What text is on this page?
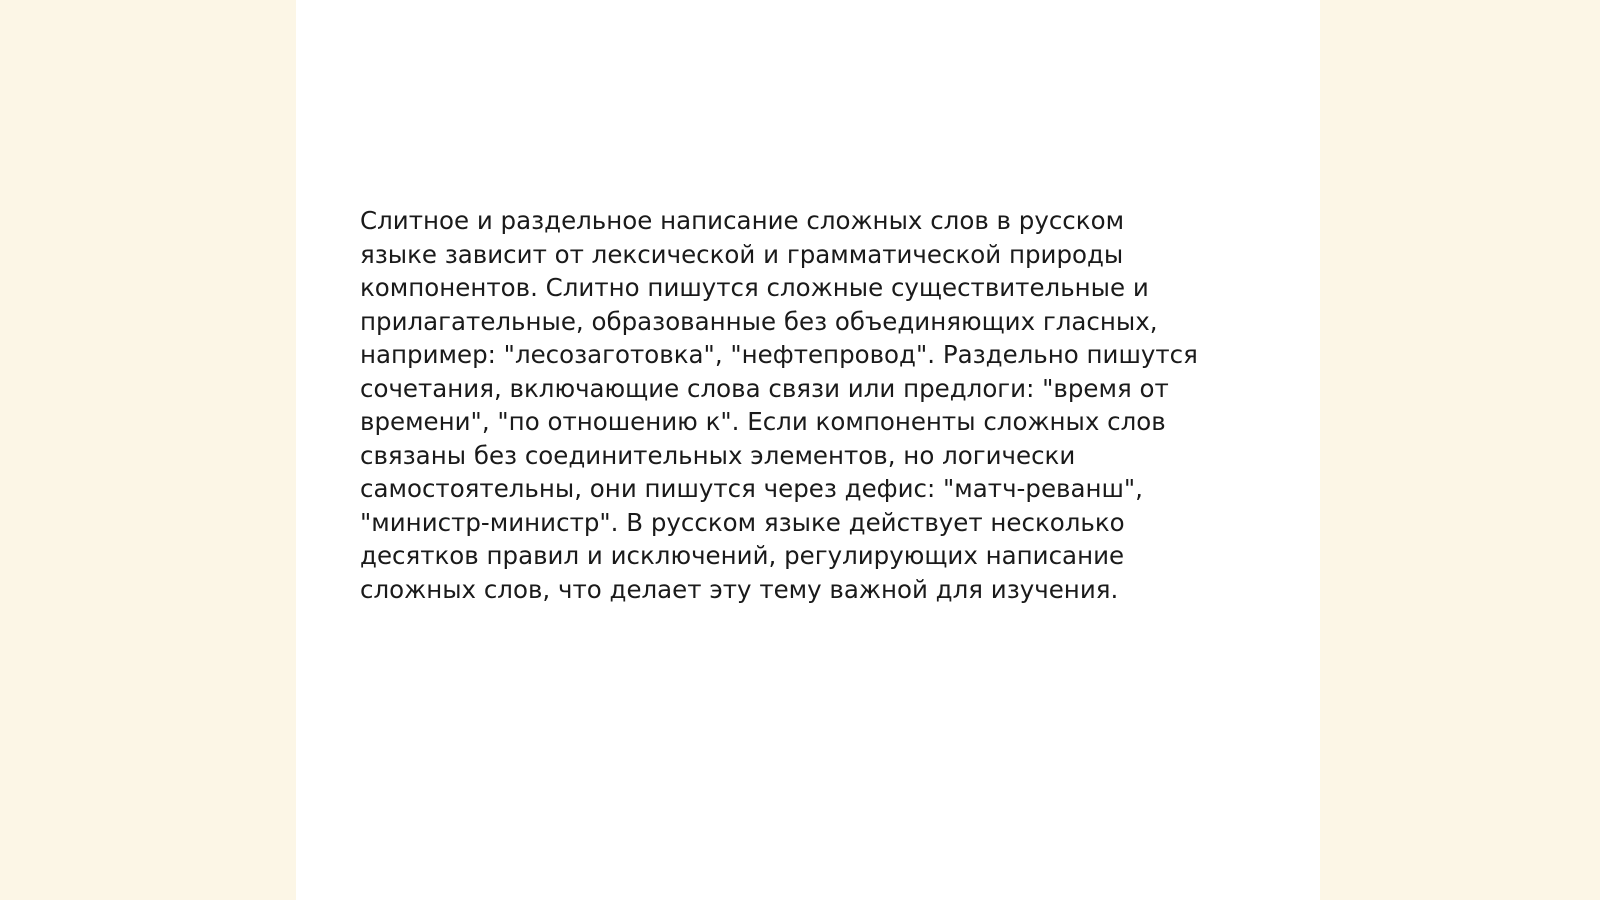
Слитное и раздельное написание сложных слов в русском
языке зависит от лексической и грамматической природы
компонентов. Слитно пишутся сложные существительные и
прилагательные, образованные без объединяющих гласных,
например: "лесозаготовка", "нефтепровод". Раздельно пишутся
сочетания, включающие слова связи или предлоги: "время от
времени", "по отношению к". Если компоненты сложных слов
связаны без соединительных элементов, но логически
самостоятельны, они пишутся через дефис: "матч-реванш",
"министр-министр". В русском языке действует несколько
десятков правил и исключений, регулирующих написание
сложных слов, что делает эту тему важной для изучения.
